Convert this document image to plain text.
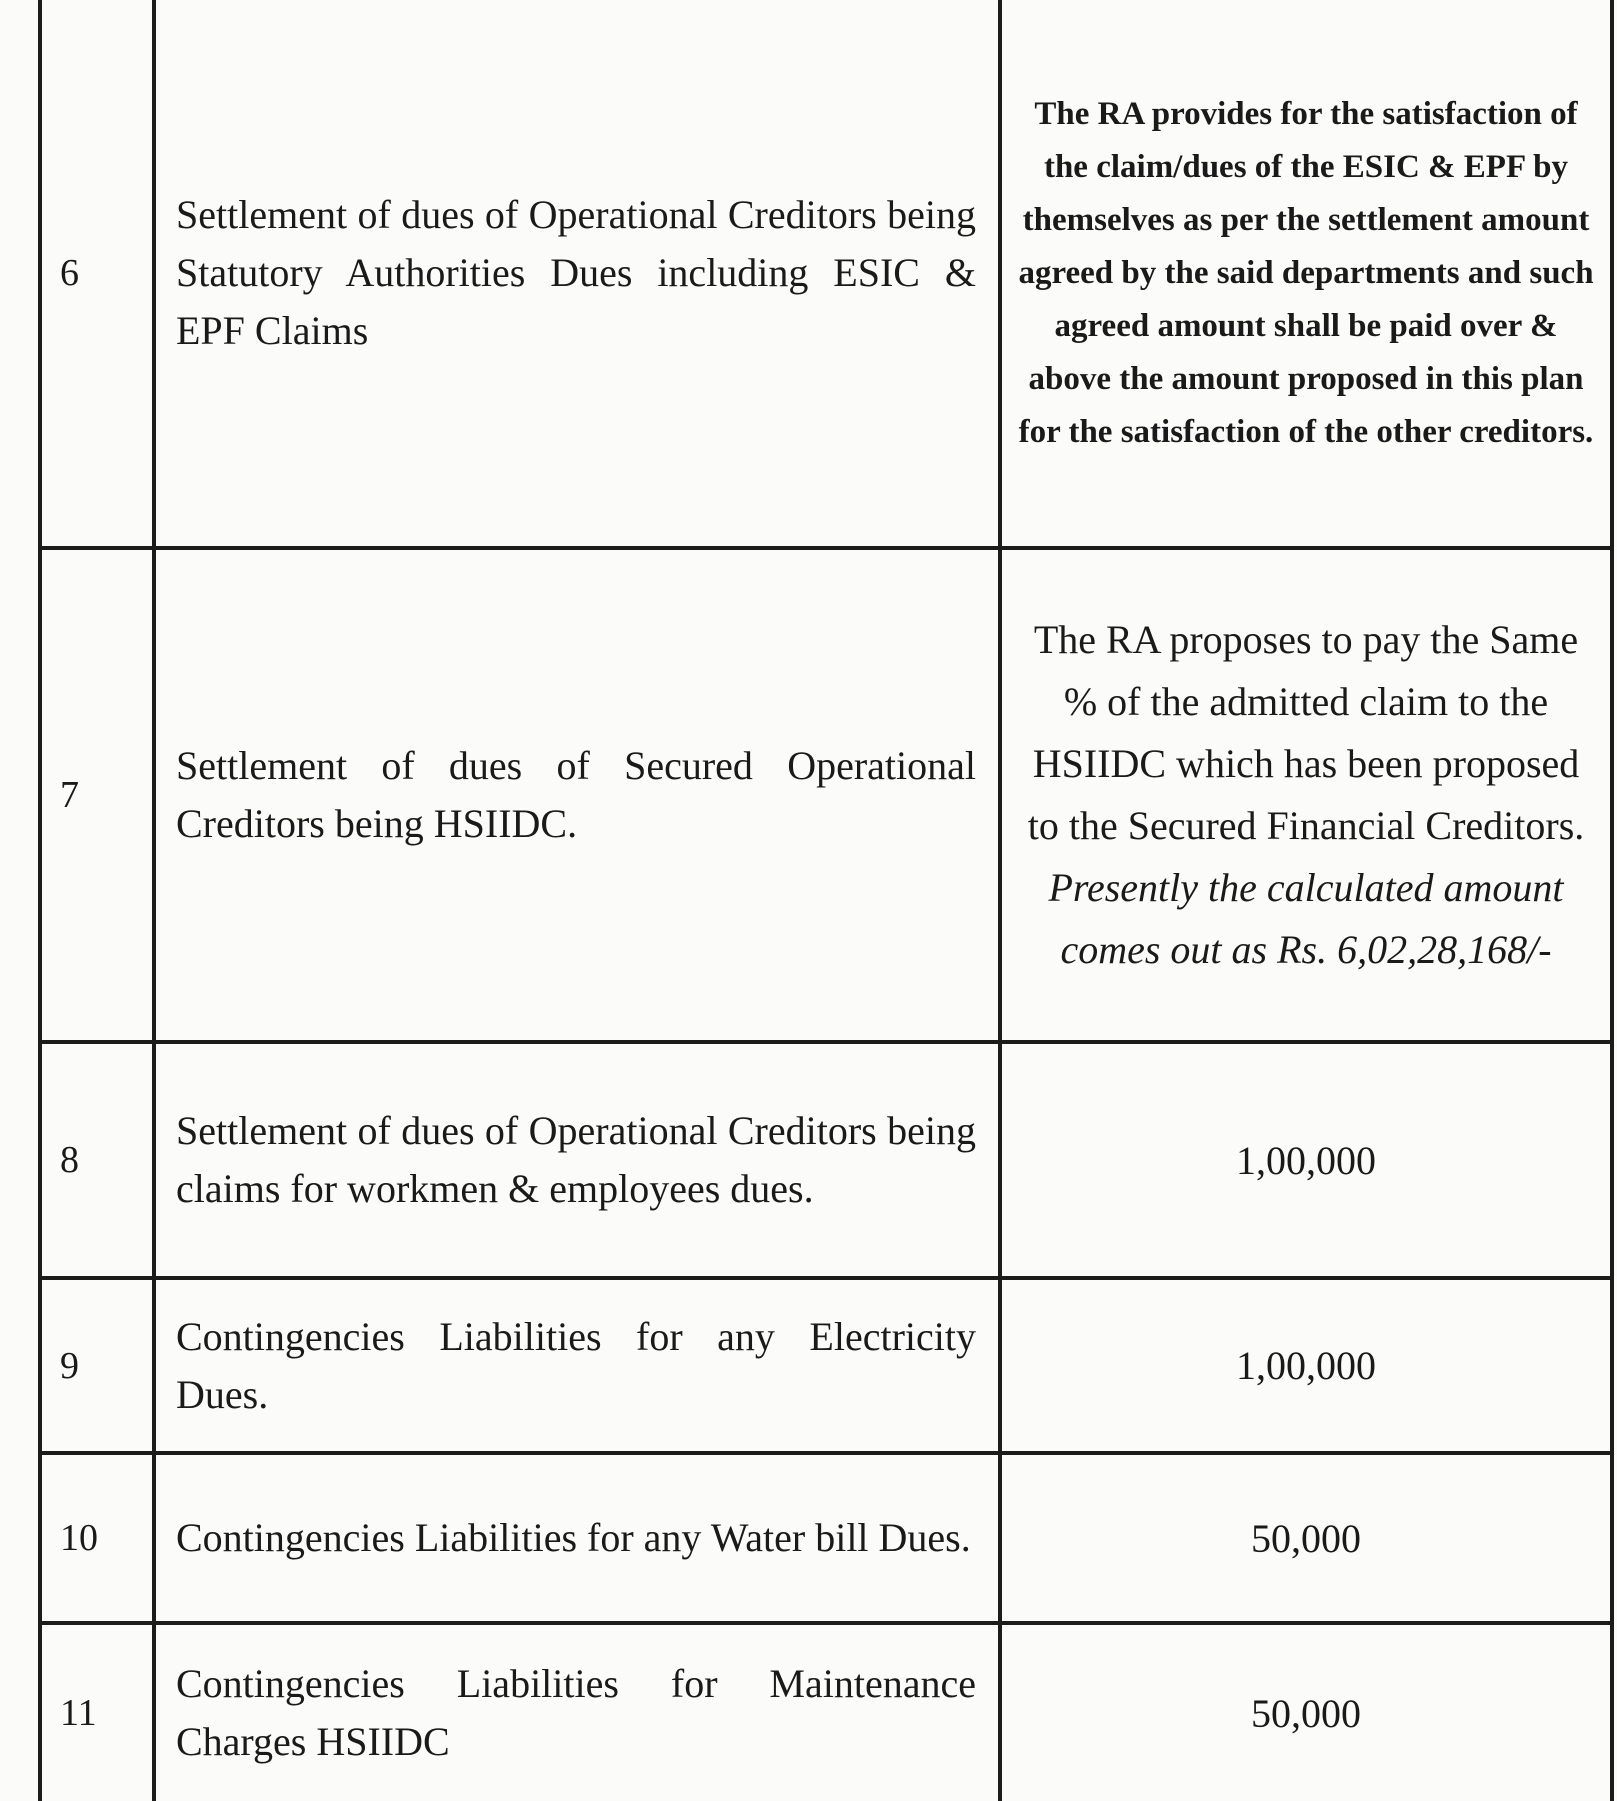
6	Settlement of dues of Operational Creditors being Statutory Authorities Dues including ESIC & EPF Claims	The RA provides for the satisfaction of the claim/dues of the ESIC & EPF by themselves as per the settlement amount agreed by the said departments and such agreed amount shall be paid over & above the amount proposed in this plan for the satisfaction of the other creditors.

7	Settlement of dues of Secured Operational Creditors being HSIIDC.	The RA proposes to pay the Same % of the admitted claim to the HSIIDC which has been proposed to the Secured Financial Creditors. Presently the calculated amount comes out as Rs. 6,02,28,168/-

8	Settlement of dues of Operational Creditors being claims for workmen & employees dues.	1,00,000
9	Contingencies Liabilities for any Electricity Dues.	1,00,000
10	Contingencies Liabilities for any Water bill Dues.	50,000
11	Contingencies Liabilities for Maintenance Charges HSIIDC	50,000
